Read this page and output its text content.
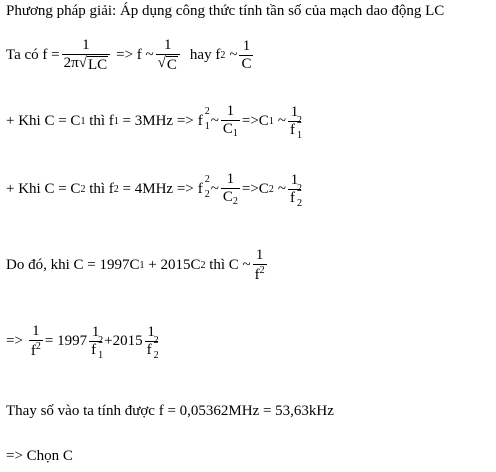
Phương pháp giải: Áp dụng công thức tính tần số của mạch dao động LC
Ta có $f = \frac{1}{2\pi √ LC} => f$ ~ $\frac{1}{√ C}$ hay f 2 ~ $\frac{1}{C}$
+ Khi C = C 1 thì f 1 = 3MHz => f
2
1 ~ $\frac{1}{C_1} =>C$ 1 ~ 1
f
2
1
+ Khi C = C 2 thì f 2 = 4MHz => f
2
2 ~ $\frac{1}{C_2} =>C$ 2 ~ 1
f
2
2
Do đó, khi C = 1997C 1 + 2015C 2 thì C ~ $\frac{1}{f^2}$
=> $\frac{1}{f^2} = 1997$ 1
f
2
1 +2015 1
f
2
2
Thay số vào ta tính được f = 0,05362MHz = 53,63kHz
=> Chọn C
